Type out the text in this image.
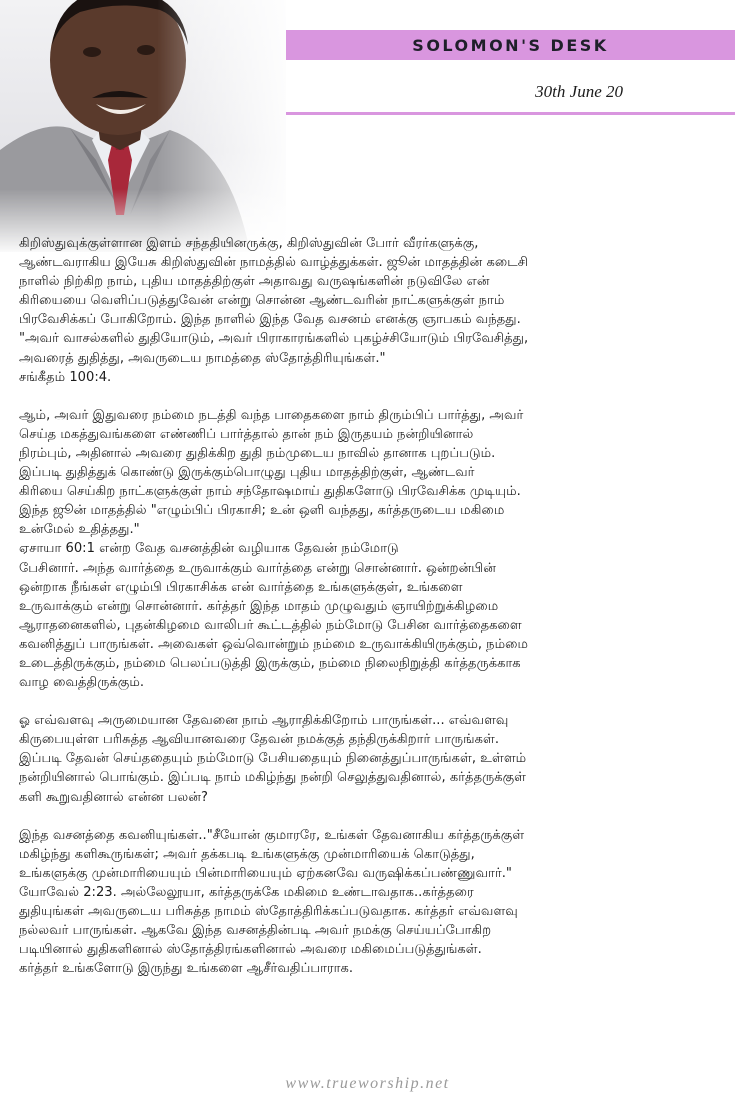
SOLOMON'S DESK
30th June 20

கிறிஸ்துவுக்குள்ளான இளம் சந்ததியினருக்கு, கிறிஸ்துவின் போர் வீரர்களுக்கு,
ஆண்டவராகிய இயேசு கிறிஸ்துவின் நாமத்தில் வாழ்த்துக்கள். ஜூன் மாதத்தின் கடைசி
நாளில் நிற்கிற நாம், புதிய மாதத்திற்குள் அதாவது வருஷங்களின் நடுவிலே என்
கிரியையை வெளிப்படுத்துவேன் என்று சொன்ன ஆண்டவரின் நாட்களுக்குள் நாம்
பிரவேசிக்கப் போகிறோம். இந்த நாளில் இந்த வேத வசனம் எனக்கு ஞாபகம் வந்தது.
"அவர் வாசல்களில் துதியோடும், அவர் பிராகாரங்களில் புகழ்ச்சியோடும் பிரவேசித்து,
அவரைத் துதித்து, அவருடைய நாமத்தை ஸ்தோத்திரியுங்கள்."
சங்கீதம் 100:4.

ஆம், அவர் இதுவரை நம்மை நடத்தி வந்த பாதைகளை நாம் திரும்பிப் பார்த்து, அவர்
செய்த மகத்துவங்களை எண்ணிப் பார்த்தால் தான் நம் இருதயம் நன்றியினால்
நிரம்பும், அதினால் அவரை துதிக்கிற துதி நம்முடைய நாவில் தானாக புறப்படும்.
இப்படி துதித்துக் கொண்டு இருக்கும்பொழுது புதிய மாதத்திற்குள், ஆண்டவர்
கிரியை செய்கிற நாட்களுக்குள் நாம் சந்தோஷமாய் துதிகளோடு பிரவேசிக்க முடியும்.
இந்த ஜூன் மாதத்தில் "எழும்பிப் பிரகாசி; உன் ஒளி வந்தது, கர்த்தருடைய மகிமை
உன்மேல் உதித்தது."
ஏசாயா 60:1 என்ற வேத வசனத்தின் வழியாக தேவன் நம்மோடு
பேசினார். அந்த வார்த்தை உருவாக்கும் வார்த்தை என்று சொன்னார். ஒன்றன்பின்
ஒன்றாக நீங்கள் எழும்பி பிரகாசிக்க என் வார்த்தை உங்களுக்குள், உங்களை
உருவாக்கும் என்று சொன்னார். கர்த்தர் இந்த மாதம் முழுவதும் ஞாயிற்றுக்கிழமை
ஆராதனைகளில், புதன்கிழமை வாலிபர் கூட்டத்தில் நம்மோடு பேசின வார்த்தைகளை
கவனித்துப் பாருங்கள். அவைகள் ஒவ்வொன்றும் நம்மை உருவாக்கியிருக்கும், நம்மை
உடைத்திருக்கும், நம்மை பெலப்படுத்தி இருக்கும், நம்மை நிலைநிறுத்தி கர்த்தருக்காக
வாழ வைத்திருக்கும்.

ஓ எவ்வளவு அருமையான தேவனை நாம் ஆராதிக்கிறோம் பாருங்கள்... எவ்வளவு
கிருபையுள்ள பரிசுத்த ஆவியானவரை தேவன் நமக்குத் தந்திருக்கிறார் பாருங்கள்.
இப்படி தேவன் செய்ததையும் நம்மோடு பேசியதையும் நினைத்துப்பாருங்கள், உள்ளம்
நன்றியினால் பொங்கும். இப்படி நாம் மகிழ்ந்து நன்றி செலுத்துவதினால், கர்த்தருக்குள்
களி கூறுவதினால் என்ன பலன்?

இந்த வசனத்தை கவனியுங்கள்.."சீயோன் குமாரரே, உங்கள் தேவனாகிய கர்த்தருக்குள்
மகிழ்ந்து களிகூருங்கள்; அவர் தக்கபடி உங்களுக்கு முன்மாரியைக் கொடுத்து,
உங்களுக்கு முன்மாரியையும் பின்மாரியையும் ஏற்கனவே வருஷிக்கப்பண்ணுவார்."
யோவேல் 2:23. அல்லேலூயா, கர்த்தருக்கே மகிமை உண்டாவதாக..கர்த்தரை
துதியுங்கள் அவருடைய பரிசுத்த நாமம் ஸ்தோத்திரிக்கப்படுவதாக. கர்த்தர் எவ்வளவு
நல்லவர் பாருங்கள். ஆகவே இந்த வசனத்தின்படி அவர் நமக்கு செய்யப்போகிற
படியினால் துதிகளினால் ஸ்தோத்திரங்களினால் அவரை மகிமைப்படுத்துங்கள்.
கர்த்தர் உங்களோடு இருந்து உங்களை ஆசீர்வதிப்பாராக.

www.trueworship.net
